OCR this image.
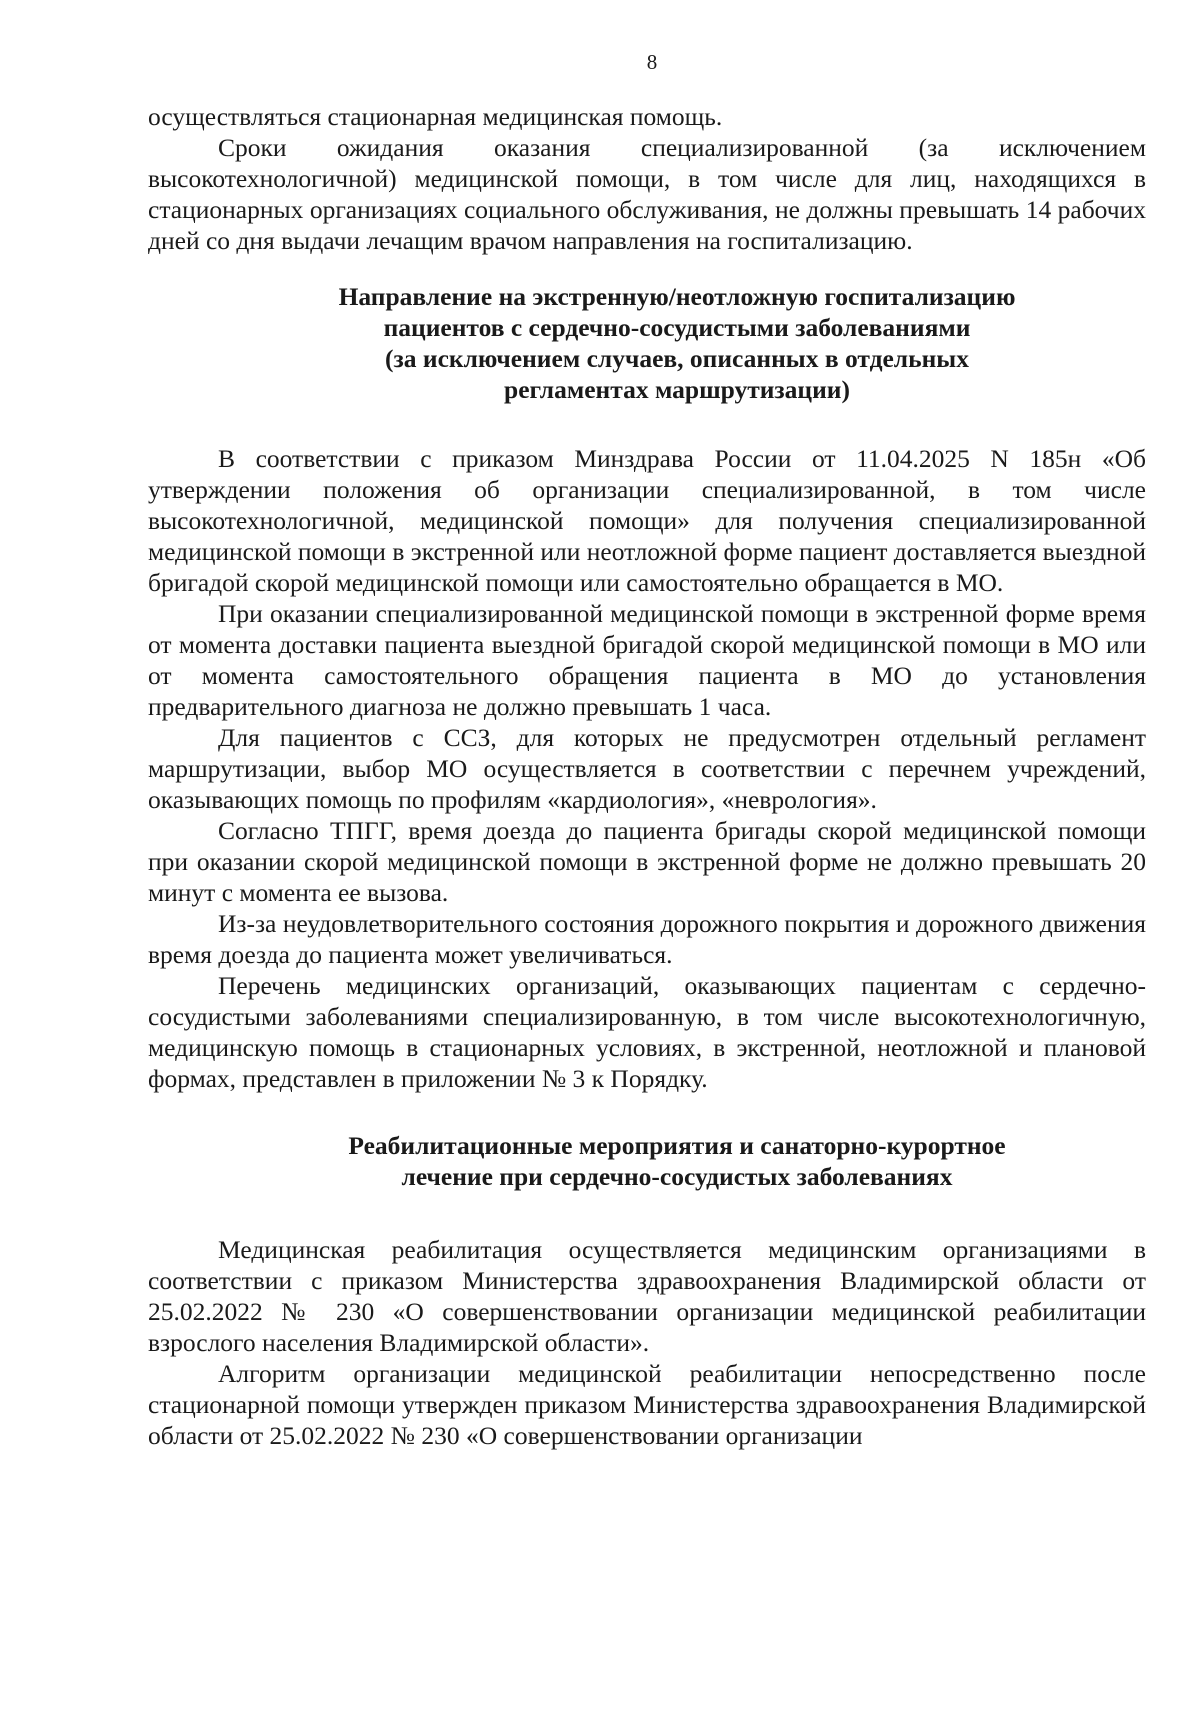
8

осуществляться стационарная медицинская помощь.

Сроки ожидания оказания специализированной (за исключением высокотехнологичной) медицинской помощи, в том числе для лиц, находящихся в стационарных организациях социального обслуживания, не должны превышать 14 рабочих дней со дня выдачи лечащим врачом направления на госпитализацию.

Направление на экстренную/неотложную госпитализацию
пациентов с сердечно-сосудистыми заболеваниями
(за исключением случаев, описанных в отдельных
регламентах маршрутизации)

В соответствии с приказом Минздрава России от 11.04.2025 N 185н «Об утверждении положения об организации специализированной, в том числе высокотехнологичной, медицинской помощи» для получения специализированной медицинской помощи в экстренной или неотложной форме пациент доставляется выездной бригадой скорой медицинской помощи или самостоятельно обращается в МО.

При оказании специализированной медицинской помощи в экстренной форме время от момента доставки пациента выездной бригадой скорой медицинской помощи в МО или от момента самостоятельного обращения пациента в МО до установления предварительного диагноза не должно превышать 1 часа.

Для пациентов с ССЗ, для которых не предусмотрен отдельный регламент маршрутизации, выбор МО осуществляется в соответствии с перечнем учреждений, оказывающих помощь по профилям «кардиология», «неврология».

Согласно ТПГГ, время доезда до пациента бригады скорой медицинской помощи при оказании скорой медицинской помощи в экстренной форме не должно превышать 20 минут с момента ее вызова.

Из-за неудовлетворительного состояния дорожного покрытия и дорожного движения время доезда до пациента может увеличиваться.

Перечень медицинских организаций, оказывающих пациентам с сердечно-сосудистыми заболеваниями специализированную, в том числе высокотехнологичную, медицинскую помощь в стационарных условиях, в экстренной, неотложной и плановой формах, представлен в приложении № 3 к Порядку.

Реабилитационные мероприятия и санаторно-курортное
лечение при сердечно-сосудистых заболеваниях

Медицинская реабилитация осуществляется медицинским организациями в соответствии с приказом Министерства здравоохранения Владимирской области от 25.02.2022 № 230 «О совершенствовании организации медицинской реабилитации взрослого населения Владимирской области».

Алгоритм организации медицинской реабилитации непосредственно после стационарной помощи утвержден приказом Министерства здравоохранения Владимирской области от 25.02.2022 № 230 «О совершенствовании организации
